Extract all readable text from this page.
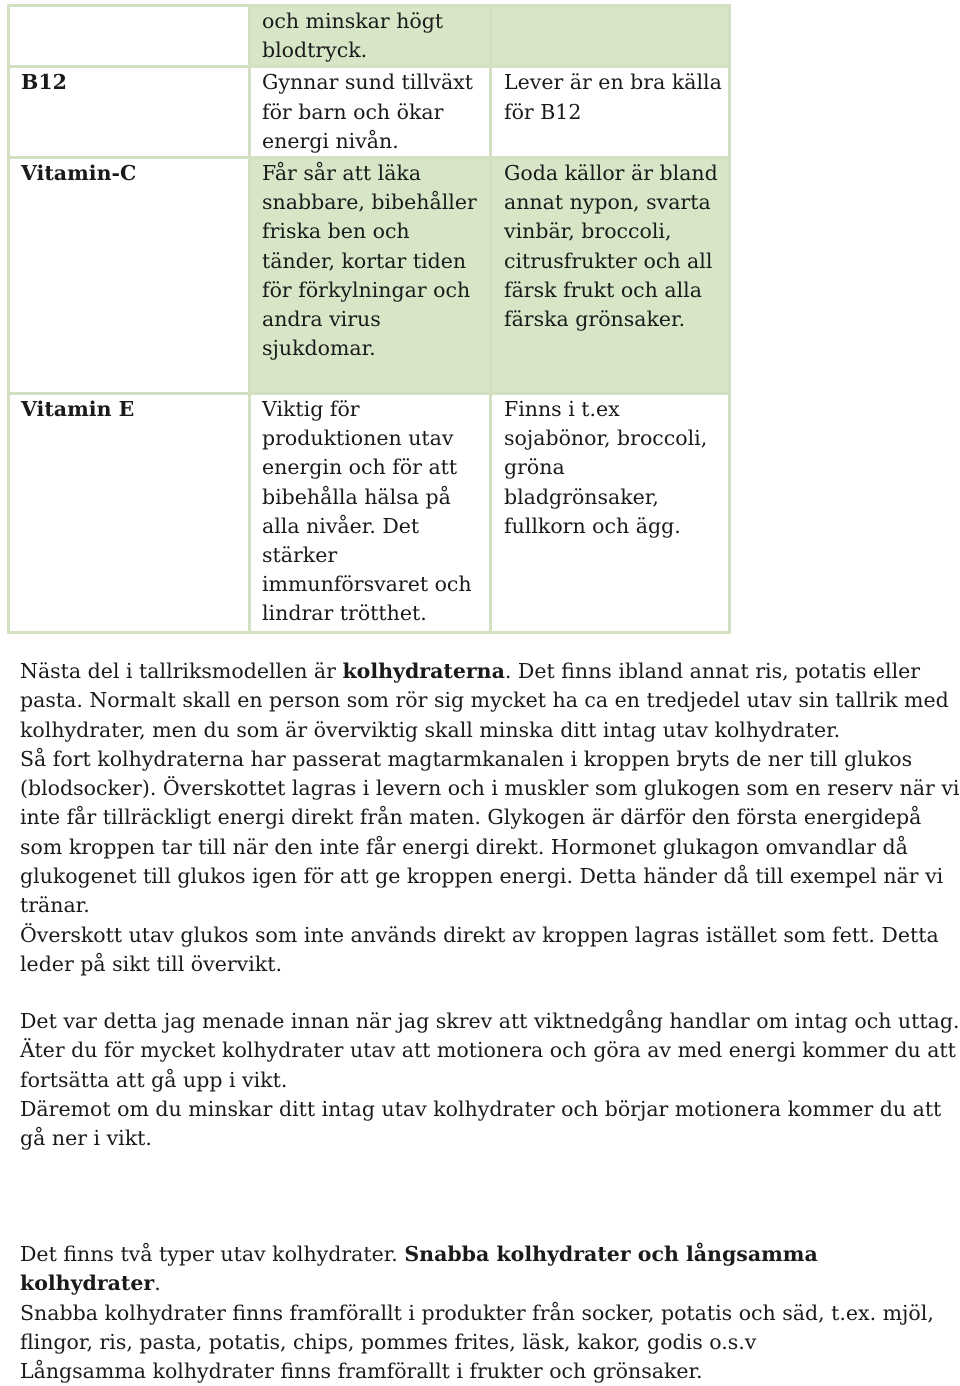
	och minskar högt blodtryck.	

B12	Gynnar sund tillväxt för barn och ökar energi nivån.	Lever är en bra källa för B12

Vitamin-C	Får sår att läka snabbare, bibehåller friska ben och tänder, kortar tiden för förkylningar och andra virus sjukdomar.	Goda källor är bland annat nypon, svarta vinbär, broccoli, citrusfrukter och all färsk frukt och alla färska grönsaker.

Vitamin E	Viktig för produktionen utav energin och för att bibehålla hälsa på alla nivåer. Det stärker immunförsvaret och lindrar trötthet.	Finns i t.ex sojabönor, broccoli, gröna bladgrönsaker, fullkorn och ägg.
Nästa del i tallriksmodellen är kolhydraterna. Det finns ibland annat ris, potatis eller pasta. Normalt skall en person som rör sig mycket ha ca en tredjedel utav sin tallrik med kolhydrater, men du som är överviktig skall minska ditt intag utav kolhydrater.
Så fort kolhydraterna har passerat magtarmkanalen i kroppen bryts de ner till glukos (blodsocker). Överskottet lagras i levern och i muskler som glukogen som en reserv när vi inte får tillräckligt energi direkt från maten. Glykogen är därför den första energidepå som kroppen tar till när den inte får energi direkt. Hormonet glukagon omvandlar då glukogenet till glukos igen för att ge kroppen energi. Detta händer då till exempel när vi tränar.
Överskott utav glukos som inte används direkt av kroppen lagras istället som fett. Detta leder på sikt till övervikt.
Det var detta jag menade innan när jag skrev att viktnedgång handlar om intag och uttag. Äter du för mycket kolhydrater utav att motionera och göra av med energi kommer du att fortsätta att gå upp i vikt.
Däremot om du minskar ditt intag utav kolhydrater och börjar motionera kommer du att gå ner i vikt.
Det finns två typer utav kolhydrater. Snabba kolhydrater och långsamma kolhydrater.
Snabba kolhydrater finns framförallt i produkter från socker, potatis och säd, t.ex. mjöl, flingor, ris, pasta, potatis, chips, pommes frites, läsk, kakor, godis o.s.v
Långsamma kolhydrater finns framförallt i frukter och grönsaker.
